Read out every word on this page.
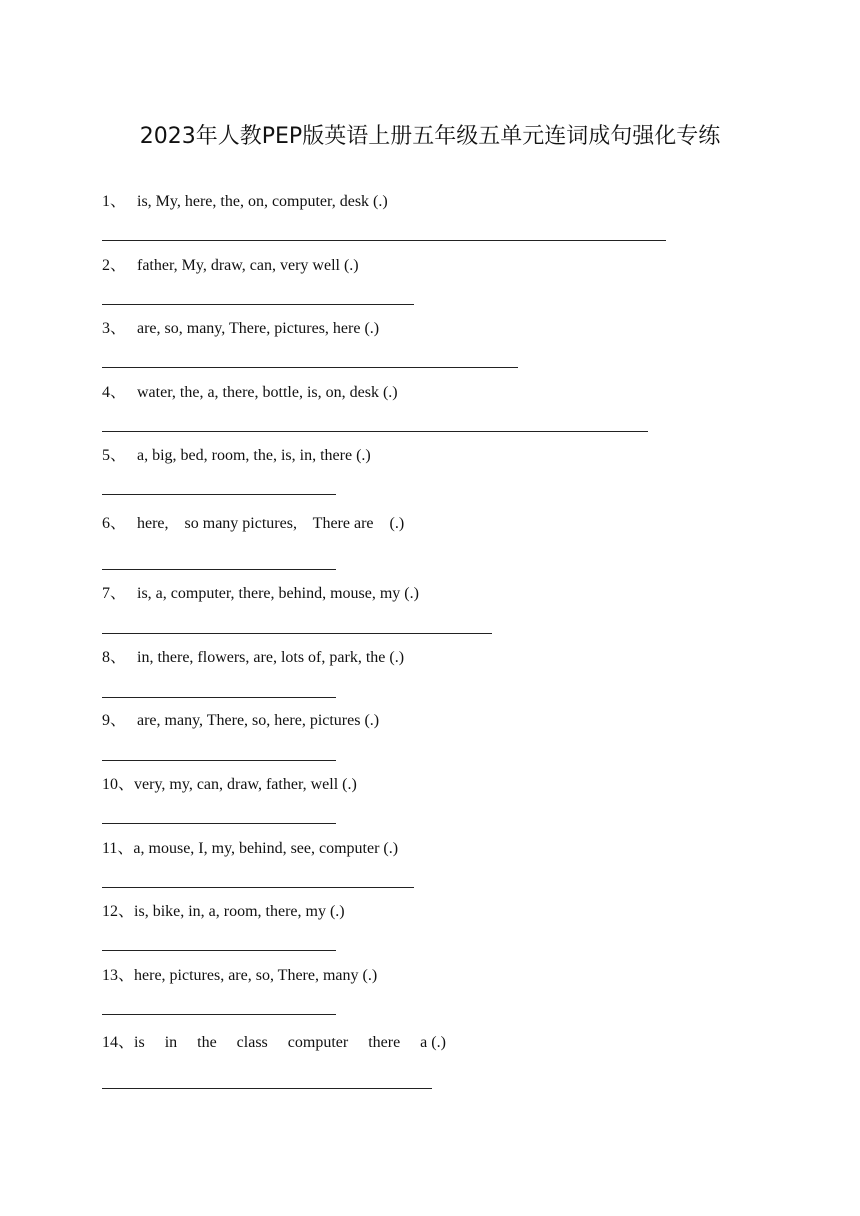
2023年人教PEP版英语上册五年级五单元连词成句强化专练
1、 is, My, here, the, on, computer, desk (.)
2、 father, My, draw, can, very well (.)
3、 are, so, many, There, pictures, here (.)
4、 water, the, a, there, bottle, is, on, desk (.)
5、 a, big, bed, room, the, is, in, there (.)
6、 here,    so many pictures,    There are    (.)
7、 is, a, computer, there, behind, mouse, my (.)
8、 in, there, flowers, are, lots of, park, the (.)
9、 are, many, There, so, here, pictures (.)
10、very, my, can, draw, father, well (.)
11、a, mouse, I, my, behind, see, computer (.)
12、is, bike, in, a, room, there, my (.)
13、here, pictures, are, so, There, many (.)
14、is     in     the     class     computer     there     a (.)
